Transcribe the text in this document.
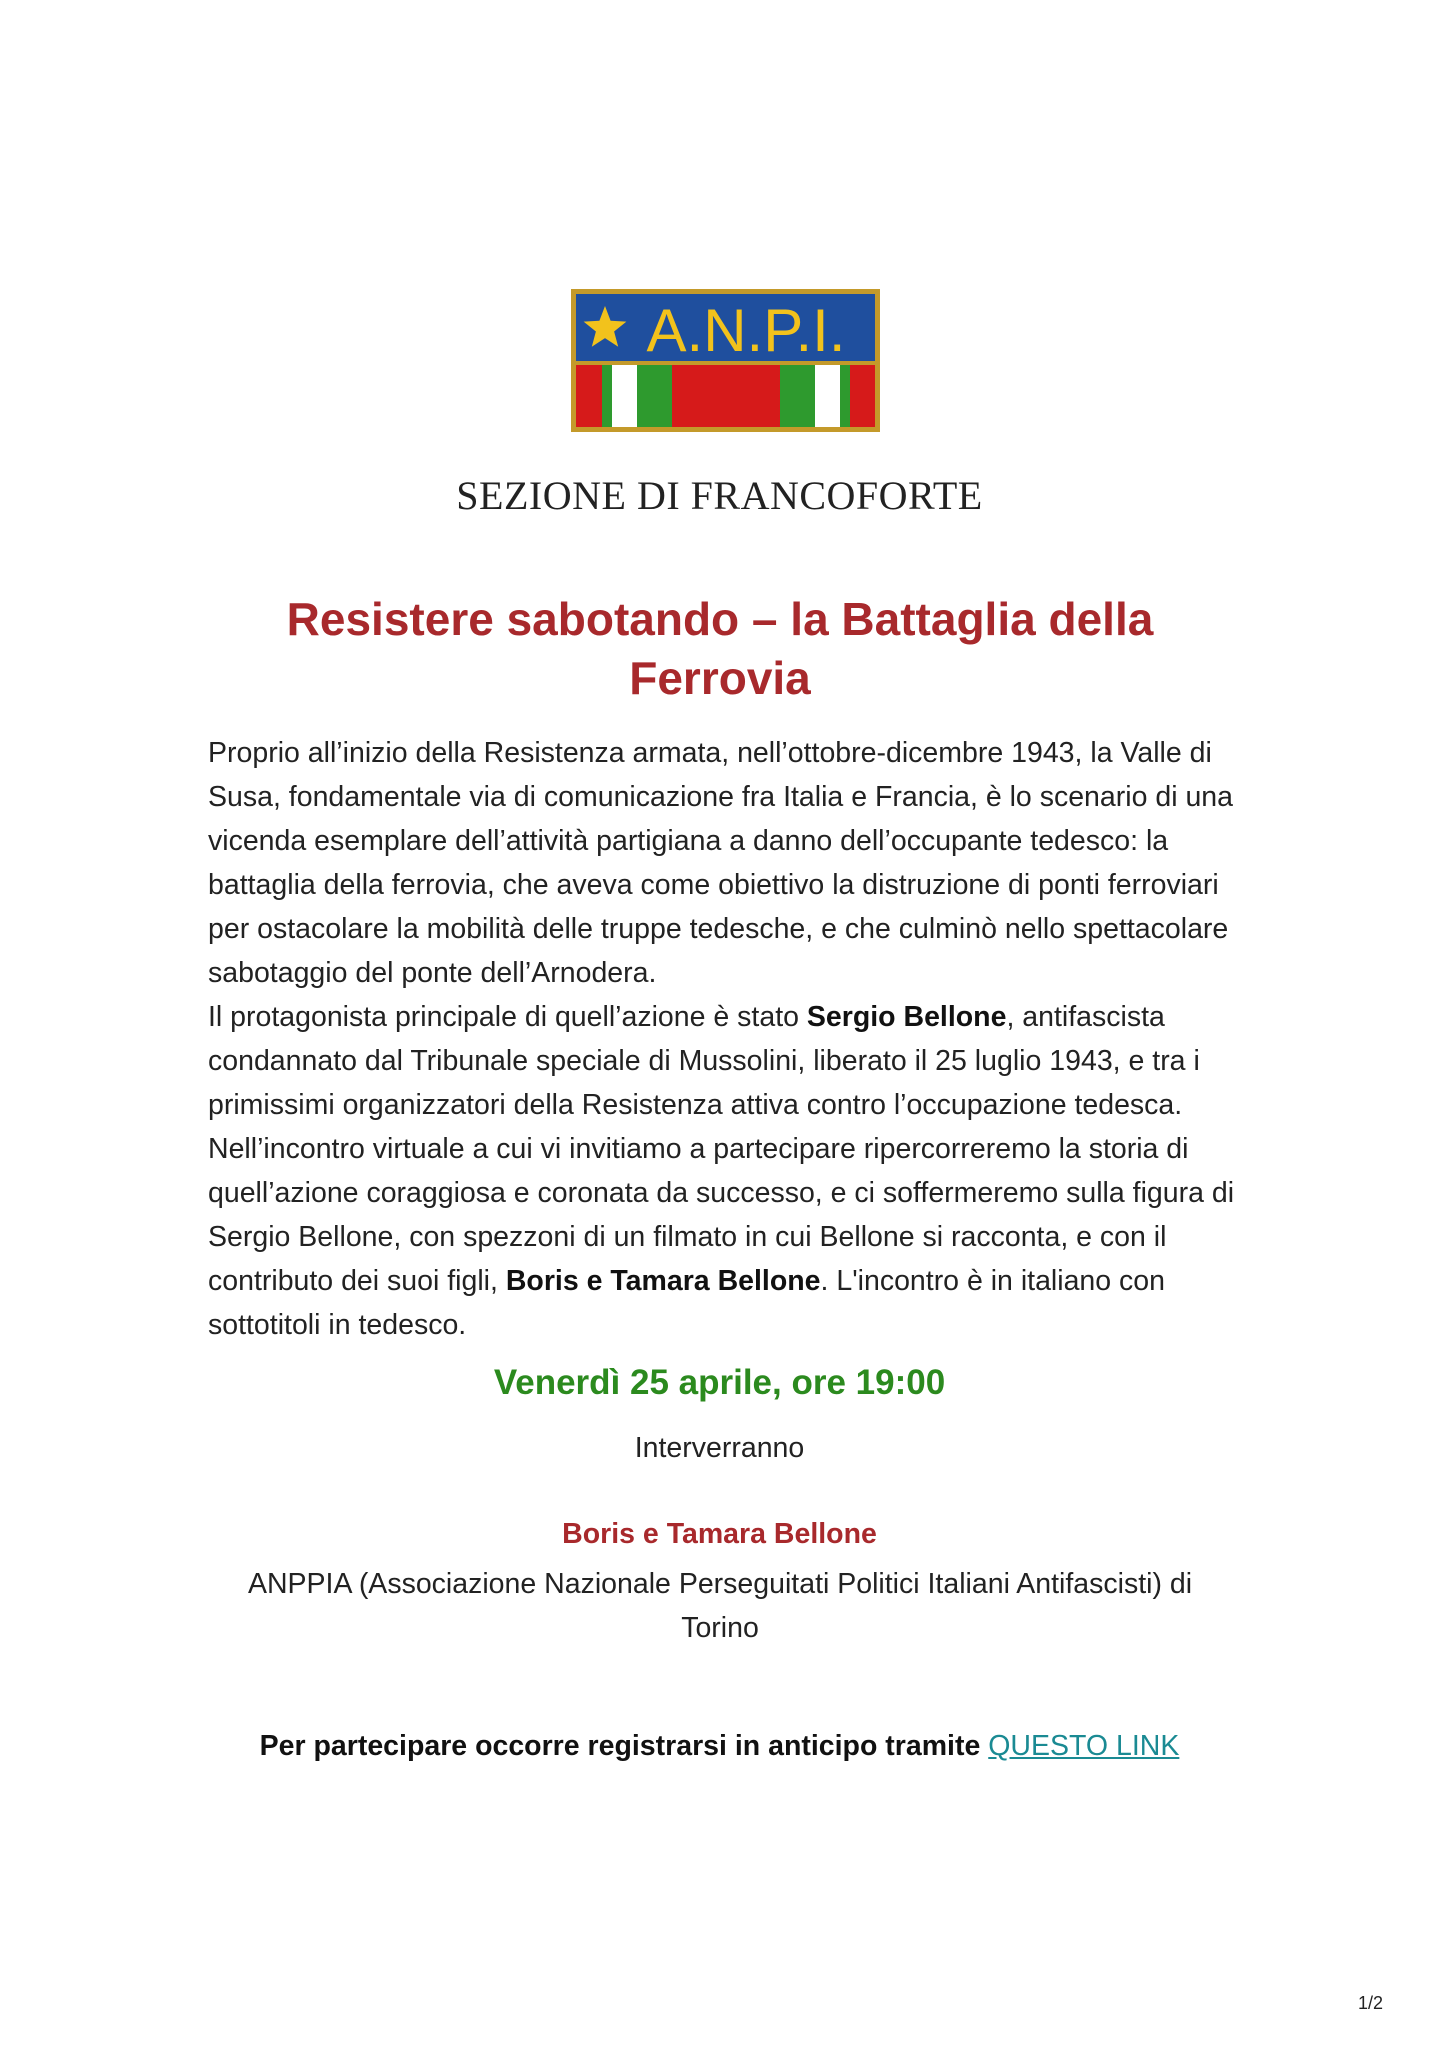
A.N.P.I.
SEZIONE DI FRANCOFORTE
Resistere sabotando – la Battaglia della Ferrovia

Proprio all’inizio della Resistenza armata, nell’ottobre-dicembre 1943, la Valle di Susa, fondamentale via di comunicazione fra Italia e Francia, è lo scenario di una vicenda esemplare dell’attività partigiana a danno dell’occupante tedesco: la battaglia della ferrovia, che aveva come obiettivo la distruzione di ponti ferroviari per ostacolare la mobilità delle truppe tedesche, e che culminò nello spettacolare sabotaggio del ponte dell’Arnodera.

Il protagonista principale di quell’azione è stato Sergio Bellone, antifascista condannato dal Tribunale speciale di Mussolini, liberato il 25 luglio 1943, e tra i primissimi organizzatori della Resistenza attiva contro l’occupazione tedesca.

Nell’incontro virtuale a cui vi invitiamo a partecipare ripercorreremo la storia di quell’azione coraggiosa e coronata da successo, e ci soffermeremo sulla figura di Sergio Bellone, con spezzoni di un filmato in cui Bellone si racconta, e con il contributo dei suoi figli, Boris e Tamara Bellone. L'incontro è in italiano con sottotitoli in tedesco.

Venerdì 25 aprile, ore 19:00
Interverranno
Boris e Tamara Bellone
ANPPIA (Associazione Nazionale Perseguitati Politici Italiani Antifascisti) di Torino
Per partecipare occorre registrarsi in anticipo tramite QUESTO LINK
1/2
